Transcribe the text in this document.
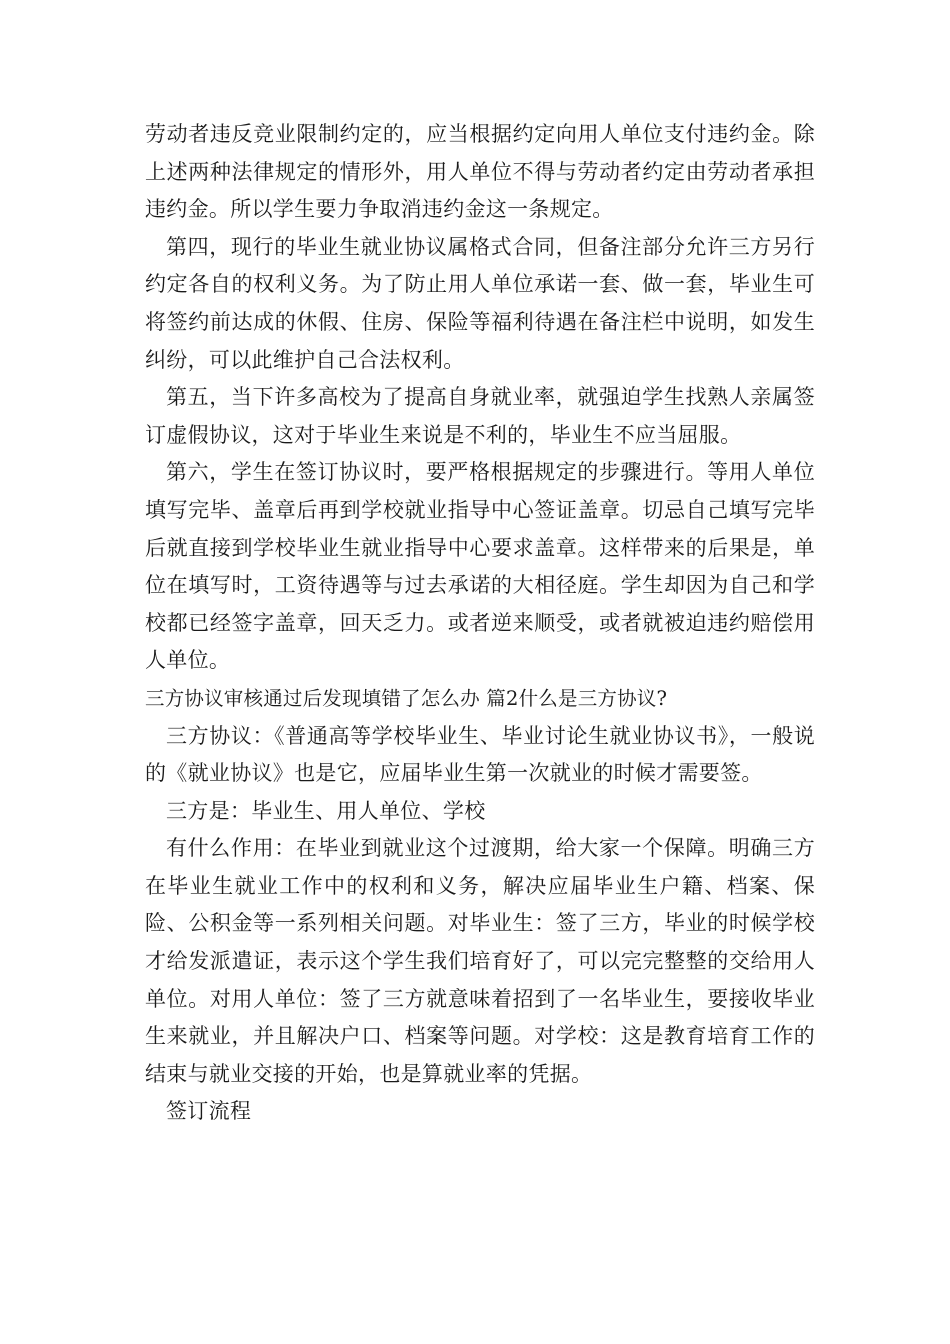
劳动者违反竞业限制约定的，应当根据约定向用人单位支付违约金。除上述两种法律规定的情形外，用人单位不得与劳动者约定由劳动者承担违约金。所以学生要力争取消违约金这一条规定。

第四，现行的毕业生就业协议属格式合同，但备注部分允许三方另行约定各自的权利义务。为了防止用人单位承诺一套、做一套，毕业生可将签约前达成的休假、住房、保险等福利待遇在备注栏中说明，如发生纠纷，可以此维护自己合法权利。

第五，当下许多高校为了提高自身就业率，就强迫学生找熟人亲属签订虚假协议，这对于毕业生来说是不利的，毕业生不应当屈服。

第六，学生在签订协议时，要严格根据规定的步骤进行。等用人单位填写完毕、盖章后再到学校就业指导中心签证盖章。切忌自己填写完毕后就直接到学校毕业生就业指导中心要求盖章。这样带来的后果是，单位在填写时，工资待遇等与过去承诺的大相径庭。学生却因为自己和学校都已经签字盖章，回天乏力。或者逆来顺受，或者就被迫违约赔偿用人单位。

三方协议审核通过后发现填错了怎么办 篇2什么是三方协议?

三方协议：《普通高等学校毕业生、毕业讨论生就业协议书》，一般说的《就业协议》也是它，应届毕业生第一次就业的时候才需要签。

三方是：毕业生、用人单位、学校

有什么作用：在毕业到就业这个过渡期，给大家一个保障。明确三方在毕业生就业工作中的权利和义务，解决应届毕业生户籍、档案、保险、公积金等一系列相关问题。对毕业生：签了三方，毕业的时候学校才给发派遣证，表示这个学生我们培育好了，可以完完整整的交给用人单位。对用人单位：签了三方就意味着招到了一名毕业生，要接收毕业生来就业，并且解决户口、档案等问题。对学校：这是教育培育工作的结束与就业交接的开始，也是算就业率的凭据。

签订流程
